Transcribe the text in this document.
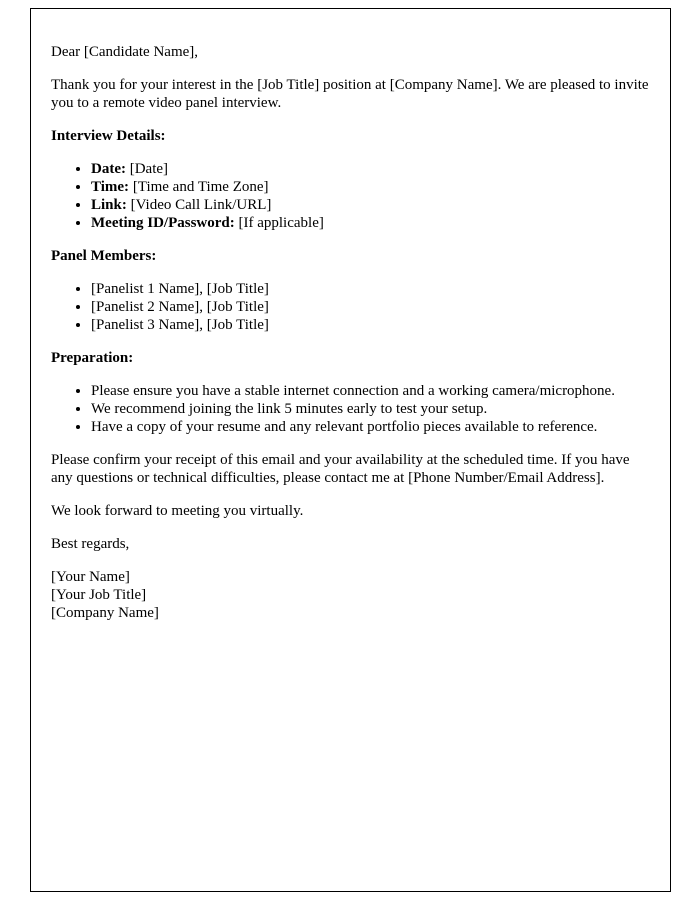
Dear [Candidate Name],

Thank you for your interest in the [Job Title] position at [Company Name]. We are pleased to invite you to a remote video panel interview.

Interview Details:

• Date: [Date]
• Time: [Time and Time Zone]
• Link: [Video Call Link/URL]
• Meeting ID/Password: [If applicable]

Panel Members:

• [Panelist 1 Name], [Job Title]
• [Panelist 2 Name], [Job Title]
• [Panelist 3 Name], [Job Title]

Preparation:

• Please ensure you have a stable internet connection and a working camera/microphone.
• We recommend joining the link 5 minutes early to test your setup.
• Have a copy of your resume and any relevant portfolio pieces available to reference.

Please confirm your receipt of this email and your availability at the scheduled time. If you have any questions or technical difficulties, please contact me at [Phone Number/Email Address].

We look forward to meeting you virtually.

Best regards,

[Your Name]

[Your Job Title]

[Company Name]
